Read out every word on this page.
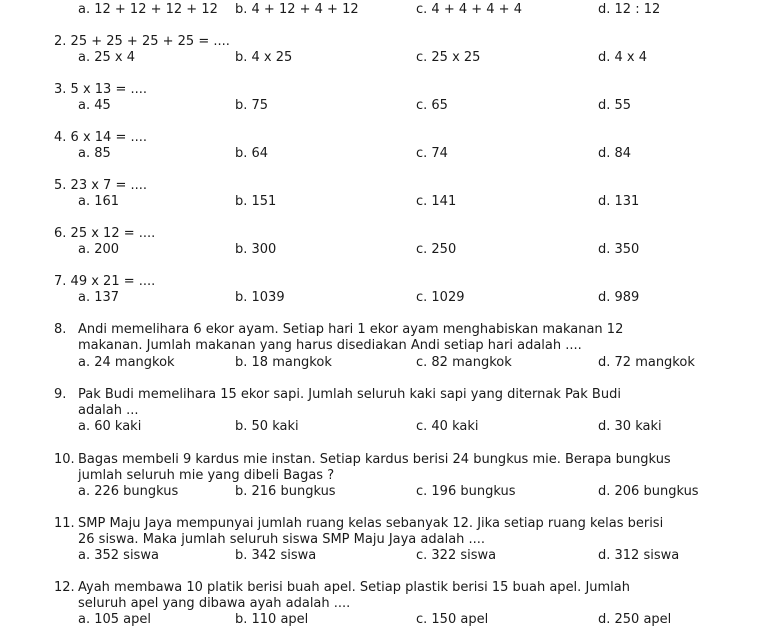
a. 12 + 12 + 12 + 12 b. 4 + 12 + 4 + 12	c. 4 + 4 + 4 + 4	d. 12 : 12
2. 25 + 25 + 25 + 25 = ....
a. 25 x 4	b. 4 x 25	c. 25 x 25	d. 4 x 4
3. 5 x 13 = ....
a. 45	b. 75	c. 65	d. 55
4. 6 x 14 = ....
a. 85	b. 64	c. 74	d. 84
5. 23 x 7 = ....
a. 161	b. 151	c. 141	d. 131
6. 25 x 12 = ....
a. 200	b. 300	c. 250	d. 350
7. 49 x 21 = ....
a. 137	b. 1039	c. 1029	d. 989
8. Andi memelihara 6 ekor ayam. Setiap hari 1 ekor ayam menghabiskan makanan 12
makanan. Jumlah makanan yang harus disediakan Andi setiap hari adalah ....
a. 24 mangkok	b. 18 mangkok	c. 82 mangkok	d. 72 mangkok
9. Pak Budi memelihara 15 ekor sapi. Jumlah seluruh kaki sapi yang diternak Pak Budi
adalah ...
a. 60 kaki	b. 50 kaki	c. 40 kaki	d. 30 kaki
10. Bagas membeli 9 kardus mie instan. Setiap kardus berisi 24 bungkus mie. Berapa bungkus
jumlah seluruh mie yang dibeli Bagas ?
a. 226 bungkus	b. 216 bungkus	c. 196 bungkus	d. 206 bungkus
11. SMP Maju Jaya mempunyai jumlah ruang kelas sebanyak 12. Jika setiap ruang kelas berisi
26 siswa. Maka jumlah seluruh siswa SMP Maju Jaya adalah ....
a. 352 siswa	b. 342 siswa	c. 322 siswa	d. 312 siswa
12. Ayah membawa 10 platik berisi buah apel. Setiap plastik berisi 15 buah apel. Jumlah
seluruh apel yang dibawa ayah adalah ....
a. 105 apel	b. 110 apel	c. 150 apel	d. 250 apel
